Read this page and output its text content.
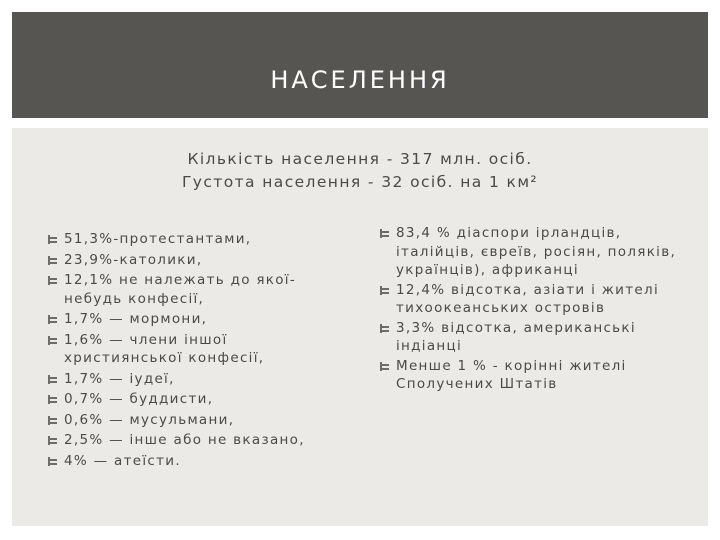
НАСЕЛЕННЯ
Кількість населення - 317 млн. осіб.
Густота населення - 32 осіб. на 1 км²
51,3%-протестантами,
23,9%-католики,
12,1% не належать до якої-небудь конфесії,
1,7% — мормони,
1,6% — члени іншої християнської конфесії,
1,7% — іудеї,
0,7% — буддисти,
0,6% — мусульмани,
2,5% — інше або не вказано,
4% — атеїсти.
83,4 % діаспори ірландців, італійців, євреїв, росіян, поляків, українців), африканці
12,4% відсотка, азіати і жителі тихоокеанських островів
3,3% відсотка, американські індіанці
Менше 1 % - корінні жителі Сполучених Штатів
